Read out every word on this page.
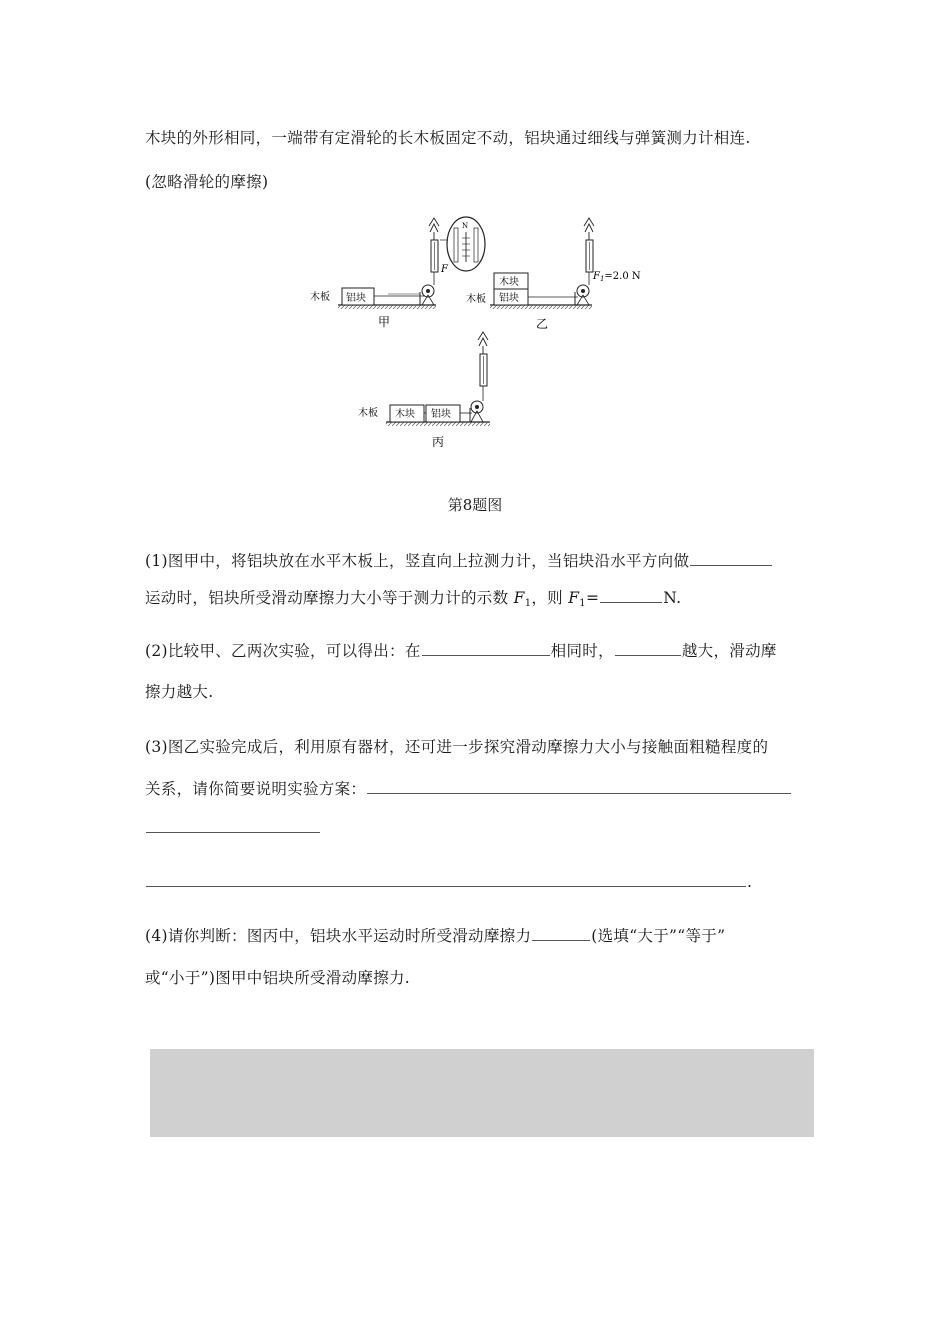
木块的外形相同，一端带有定滑轮的长木板固定不动，铝块通过细线与弹簧测力计相连.
(忽略滑轮的摩擦)
木板 铝块
F
N
甲
木板 铝块
木块
$F_1=2.0$ N
乙
木板 木块 铝块
丙
第8题图
(1)图甲中，将铝块放在水平木板上，竖直向上拉测力计，当铝块沿水平方向做
运动时，铝块所受滑动摩擦力大小等于测力计的示数 $F_1$，则 $F_1=$	N.
(2)比较甲、乙两次实验，可以得出：在	相同时，	越大，滑动摩
擦力越大.
(3)图乙实验完成后，利用原有器材，还可进一步探究滑动摩擦力大小与接触面粗糙程度的
关系，请你简要说明实验方案：
.
(4)请你判断：图丙中，铝块水平运动时所受滑动摩擦力	(选填“大于”“等于”
或“小于”)图甲中铝块所受滑动摩擦力.
